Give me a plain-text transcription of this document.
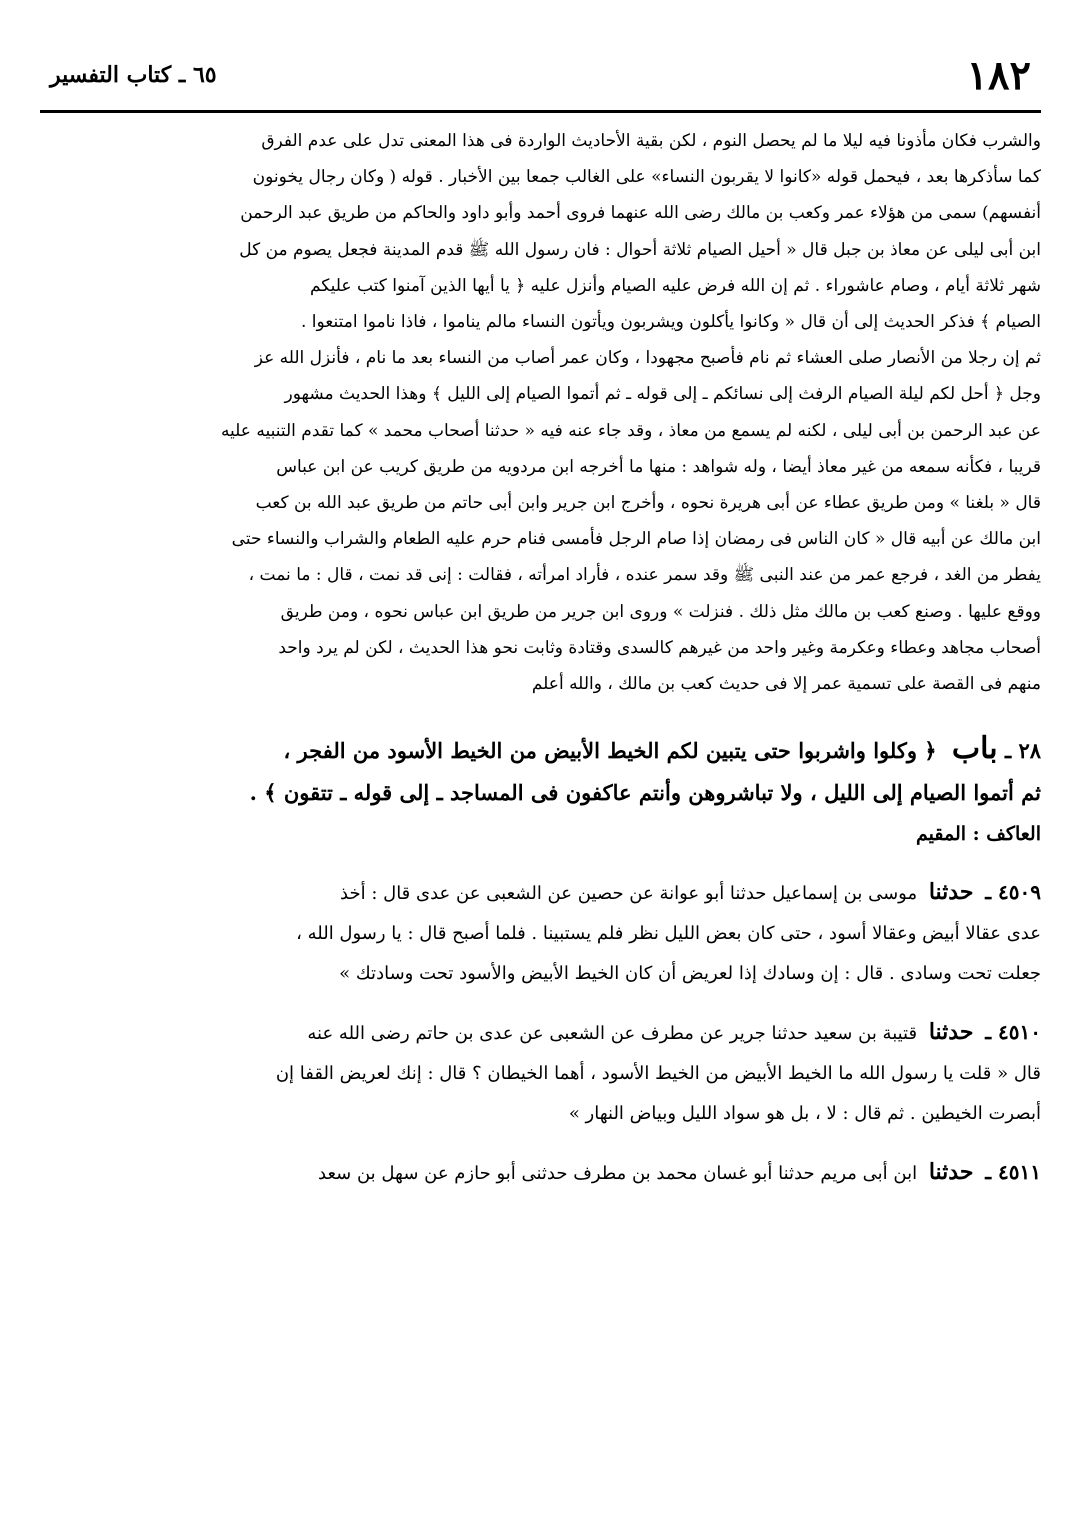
١٨٢
٦٥ ـ كتاب التفسير

والشرب فكان مأذونا فيه ليلا ما لم يحصل النوم ، لكن بقية الأحاديث الواردة فى هذا المعنى تدل على عدم الفرق

كما سأذكرها بعد ، فيحمل قوله «كانوا لا يقربون النساء» على الغالب جمعا بين الأخبار . قوله ( وكان رجال يخونون

أنفسهم) سمى من هؤلاء عمر وكعب بن مالك رضى الله عنهما فروى أحمد وأبو داود والحاكم من طريق عبد الرحمن

ابن أبى ليلى عن معاذ بن جبل قال « أحيل الصيام ثلاثة أحوال : فان رسول الله ﷺ قدم المدينة فجعل يصوم من كل

شهر ثلاثة أيام ، وصام عاشوراء . ثم إن الله فرض عليه الصيام وأنزل عليه ﴿ يا أيها الذين آمنوا كتب عليكم

الصيام ﴾ فذكر الحديث إلى أن قال « وكانوا يأكلون ويشربون ويأتون النساء مالم يناموا ، فاذا ناموا امتنعوا .

ثم إن رجلا من الأنصار صلى العشاء ثم نام فأصبح مجهودا ، وكان عمر أصاب من النساء بعد ما نام ، فأنزل الله عز

وجل ﴿ أحل لكم ليلة الصيام الرفث إلى نسائكم ـ إلى قوله ـ ثم أتموا الصيام إلى الليل ﴾ وهذا الحديث مشهور

عن عبد الرحمن بن أبى ليلى ، لكنه لم يسمع من معاذ ، وقد جاء عنه فيه « حدثنا أصحاب محمد » كما تقدم التنبيه عليه

قريبا ، فكأنه سمعه من غير معاذ أيضا ، وله شواهد : منها ما أخرجه ابن مردويه من طريق كريب عن ابن عباس

قال « بلغنا » ومن طريق عطاء عن أبى هريرة نحوه ، وأخرج ابن جرير وابن أبى حاتم من طريق عبد الله بن كعب

ابن مالك عن أبيه قال « كان الناس فى رمضان إذا صام الرجل فأمسى فنام حرم عليه الطعام والشراب والنساء حتى

يفطر من الغد ، فرجع عمر من عند النبى ﷺ وقد سمر عنده ، فأراد امرأته ، فقالت : إنى قد نمت ، قال : ما نمت ،

ووقع عليها . وصنع كعب بن مالك مثل ذلك . فنزلت » وروى ابن جرير من طريق ابن عباس نحوه ، ومن طريق

أصحاب مجاهد وعطاء وعكرمة وغير واحد من غيرهم كالسدى وقتادة وثابت نحو هذا الحديث ، لكن لم يرد واحد

منهم فى القصة على تسمية عمر إلا فى حديث كعب بن مالك ، والله أعلم

٢٨ ـ باب ﴿ وكلوا واشربوا حتى يتبين لكم الخيط الأبيض من الخيط الأسود من الفجر ،
ثم أتموا الصيام إلى الليل ، ولا تباشروهن وأنتم عاكفون فى المساجد ـ إلى قوله ـ تتقون ﴾ .
العاكف : المقيم
٤٥٠٩ ـ حدثنا موسى بن إسماعيل حدثنا أبو عوانة عن حصين عن الشعبى عن عدى قال : أخذ
عدى عقالا أبيض وعقالا أسود ، حتى كان بعض الليل نظر فلم يستبينا . فلما أصبح قال : يا رسول الله ،
جعلت تحت وسادى . قال : إن وسادك إذا لعريض أن كان الخيط الأبيض والأسود تحت وسادتك »
٤٥١٠ ـ حدثنا قتيبة بن سعيد حدثنا جرير عن مطرف عن الشعبى عن عدى بن حاتم رضى الله عنه
قال « قلت يا رسول الله ما الخيط الأبيض من الخيط الأسود ، أهما الخيطان ؟ قال : إنك لعريض القفا إن
أبصرت الخيطين . ثم قال : لا ، بل هو سواد الليل وبياض النهار »
٤٥١١ ـ حدثنا ابن أبى مريم حدثنا أبو غسان محمد بن مطرف حدثنى أبو حازم عن سهل بن سعد
